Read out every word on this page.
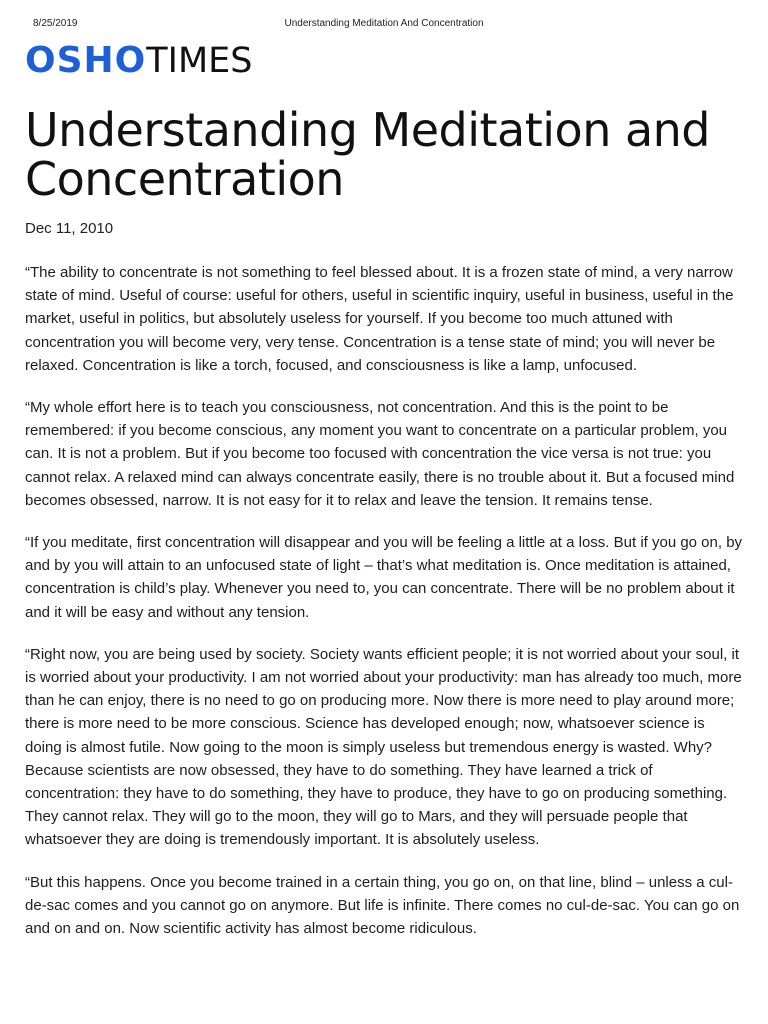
8/25/2019	Understanding Meditation And Concentration
OSHO TIMES
Understanding Meditation and Concentration
Dec 11, 2010

“The ability to concentrate is not something to feel blessed about. It is a frozen state of mind, a very narrow state of mind. Useful of course: useful for others, useful in scientific inquiry, useful in business, useful in the market, useful in politics, but absolutely useless for yourself. If you become too much attuned with concentration you will become very, very tense. Concentration is a tense state of mind; you will never be relaxed. Concentration is like a torch, focused, and consciousness is like a lamp, unfocused.

“My whole effort here is to teach you consciousness, not concentration. And this is the point to be remembered: if you become conscious, any moment you want to concentrate on a particular problem, you can. It is not a problem. But if you become too focused with concentration the vice versa is not true: you cannot relax. A relaxed mind can always concentrate easily, there is no trouble about it. But a focused mind becomes obsessed, narrow. It is not easy for it to relax and leave the tension. It remains tense.

“If you meditate, first concentration will disappear and you will be feeling a little at a loss. But if you go on, by and by you will attain to an unfocused state of light – that’s what meditation is. Once meditation is attained, concentration is child’s play. Whenever you need to, you can concentrate. There will be no problem about it and it will be easy and without any tension.

“Right now, you are being used by society. Society wants efficient people; it is not worried about your soul, it is worried about your productivity. I am not worried about your productivity: man has already too much, more than he can enjoy, there is no need to go on producing more. Now there is more need to play around more; there is more need to be more conscious. Science has developed enough; now, whatsoever science is doing is almost futile. Now going to the moon is simply useless but tremendous energy is wasted. Why? Because scientists are now obsessed, they have to do something. They have learned a trick of concentration: they have to do something, they have to produce, they have to go on producing something. They cannot relax. They will go to the moon, they will go to Mars, and they will persuade people that whatsoever they are doing is tremendously important. It is absolutely useless.

“But this happens. Once you become trained in a certain thing, you go on, on that line, blind – unless a cul-de-sac comes and you cannot go on anymore. But life is infinite. There comes no cul-de-sac. You can go on and on and on. Now scientific activity has almost become ridiculous.
